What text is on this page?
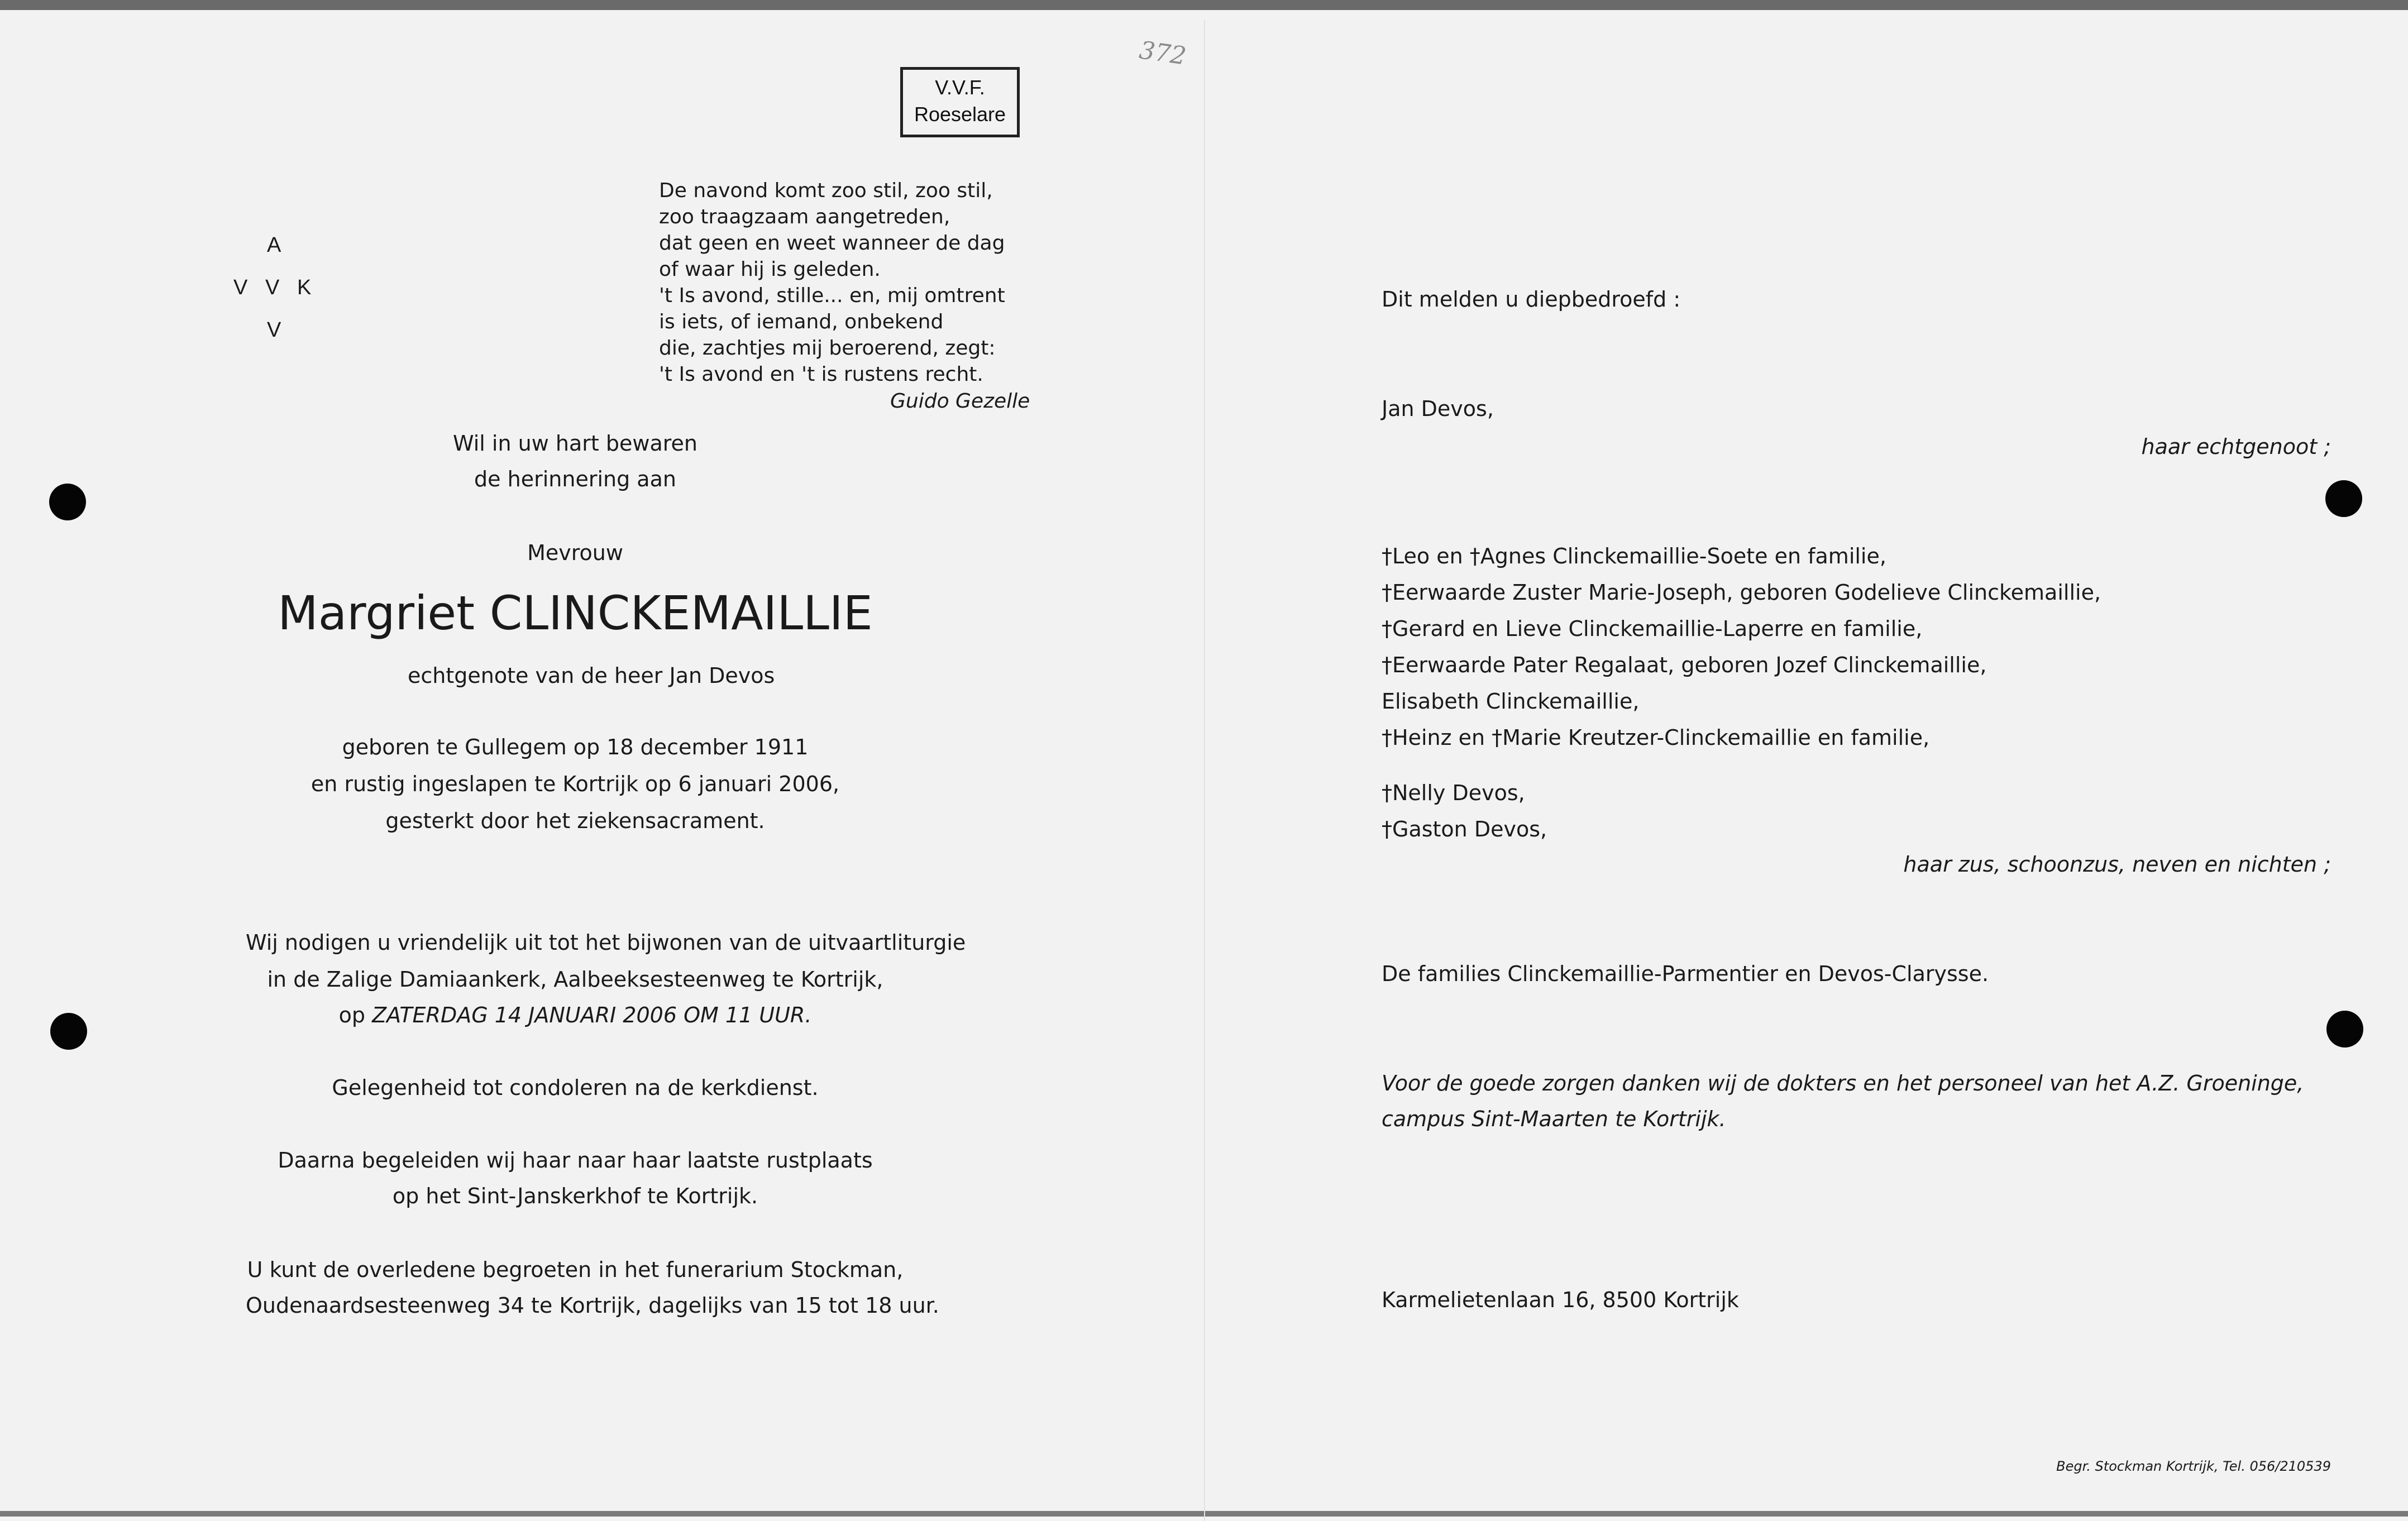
V.V.F.
Roeselare
372
A
V   V   K
V
De navond komt zoo stil, zoo stil,
zoo traagzaam aangetreden,
dat geen en weet wanneer de dag
of waar hij is geleden.
't Is avond, stille... en, mij omtrent
is iets, of iemand, onbekend
die, zachtjes mij beroerend, zegt:
't Is avond en 't is rustens recht.
Guido Gezelle
Wil in uw hart bewaren
de herinnering aan
Mevrouw
Margriet CLINCKEMAILLIE
echtgenote van de heer Jan Devos
geboren te Gullegem op 18 december 1911
en rustig ingeslapen te Kortrijk op 6 januari 2006,
gesterkt door het ziekensacrament.
Wij nodigen u vriendelijk uit tot het bijwonen van de uitvaartliturgie
in de Zalige Damiaankerk, Aalbeeksesteenweg te Kortrijk,
op ZATERDAG 14 JANUARI 2006 OM 11 UUR.
Gelegenheid tot condoleren na de kerkdienst.
Daarna begeleiden wij haar naar haar laatste rustplaats
op het Sint-Janskerkhof te Kortrijk.
U kunt de overledene begroeten in het funerarium Stockman,
Oudenaardsesteenweg 34 te Kortrijk, dagelijks van 15 tot 18 uur.
Dit melden u diepbedroefd :
Jan Devos,
haar echtgenoot ;
†Leo en †Agnes Clinckemaillie-Soete en familie,
†Eerwaarde Zuster Marie-Joseph, geboren Godelieve Clinckemaillie,
†Gerard en Lieve Clinckemaillie-Laperre en familie,
†Eerwaarde Pater Regalaat, geboren Jozef Clinckemaillie,
Elisabeth Clinckemaillie,
†Heinz en †Marie Kreutzer-Clinckemaillie en familie,
†Nelly Devos,
†Gaston Devos,
haar zus, schoonzus, neven en nichten ;
De families Clinckemaillie-Parmentier en Devos-Clarysse.
Voor de goede zorgen danken wij de dokters en het personeel van het A.Z. Groeninge,
campus Sint-Maarten te Kortrijk.
Karmelietenlaan 16, 8500 Kortrijk
Begr. Stockman Kortrijk, Tel. 056/210539
